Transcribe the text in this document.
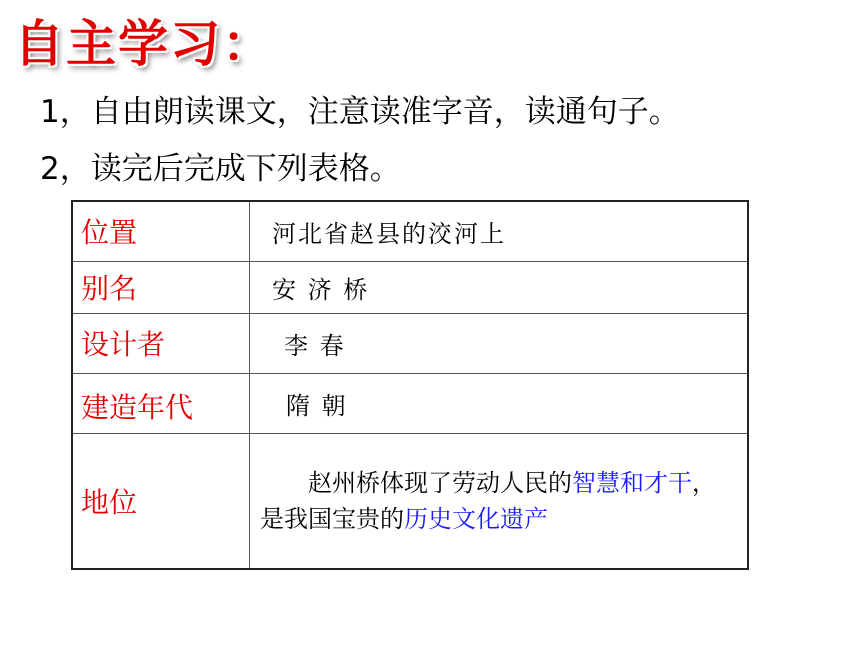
自主学习：
1，自由朗读课文，注意读准字音，读通句子。
2，读完后完成下列表格。
位置	河北省赵县的洨河上
别名	安 济 桥
设计者	李 春
建造年代	隋 朝
地位	赵州桥体现了劳动人民的智慧和才干，是我国宝贵的历史文化遗产
